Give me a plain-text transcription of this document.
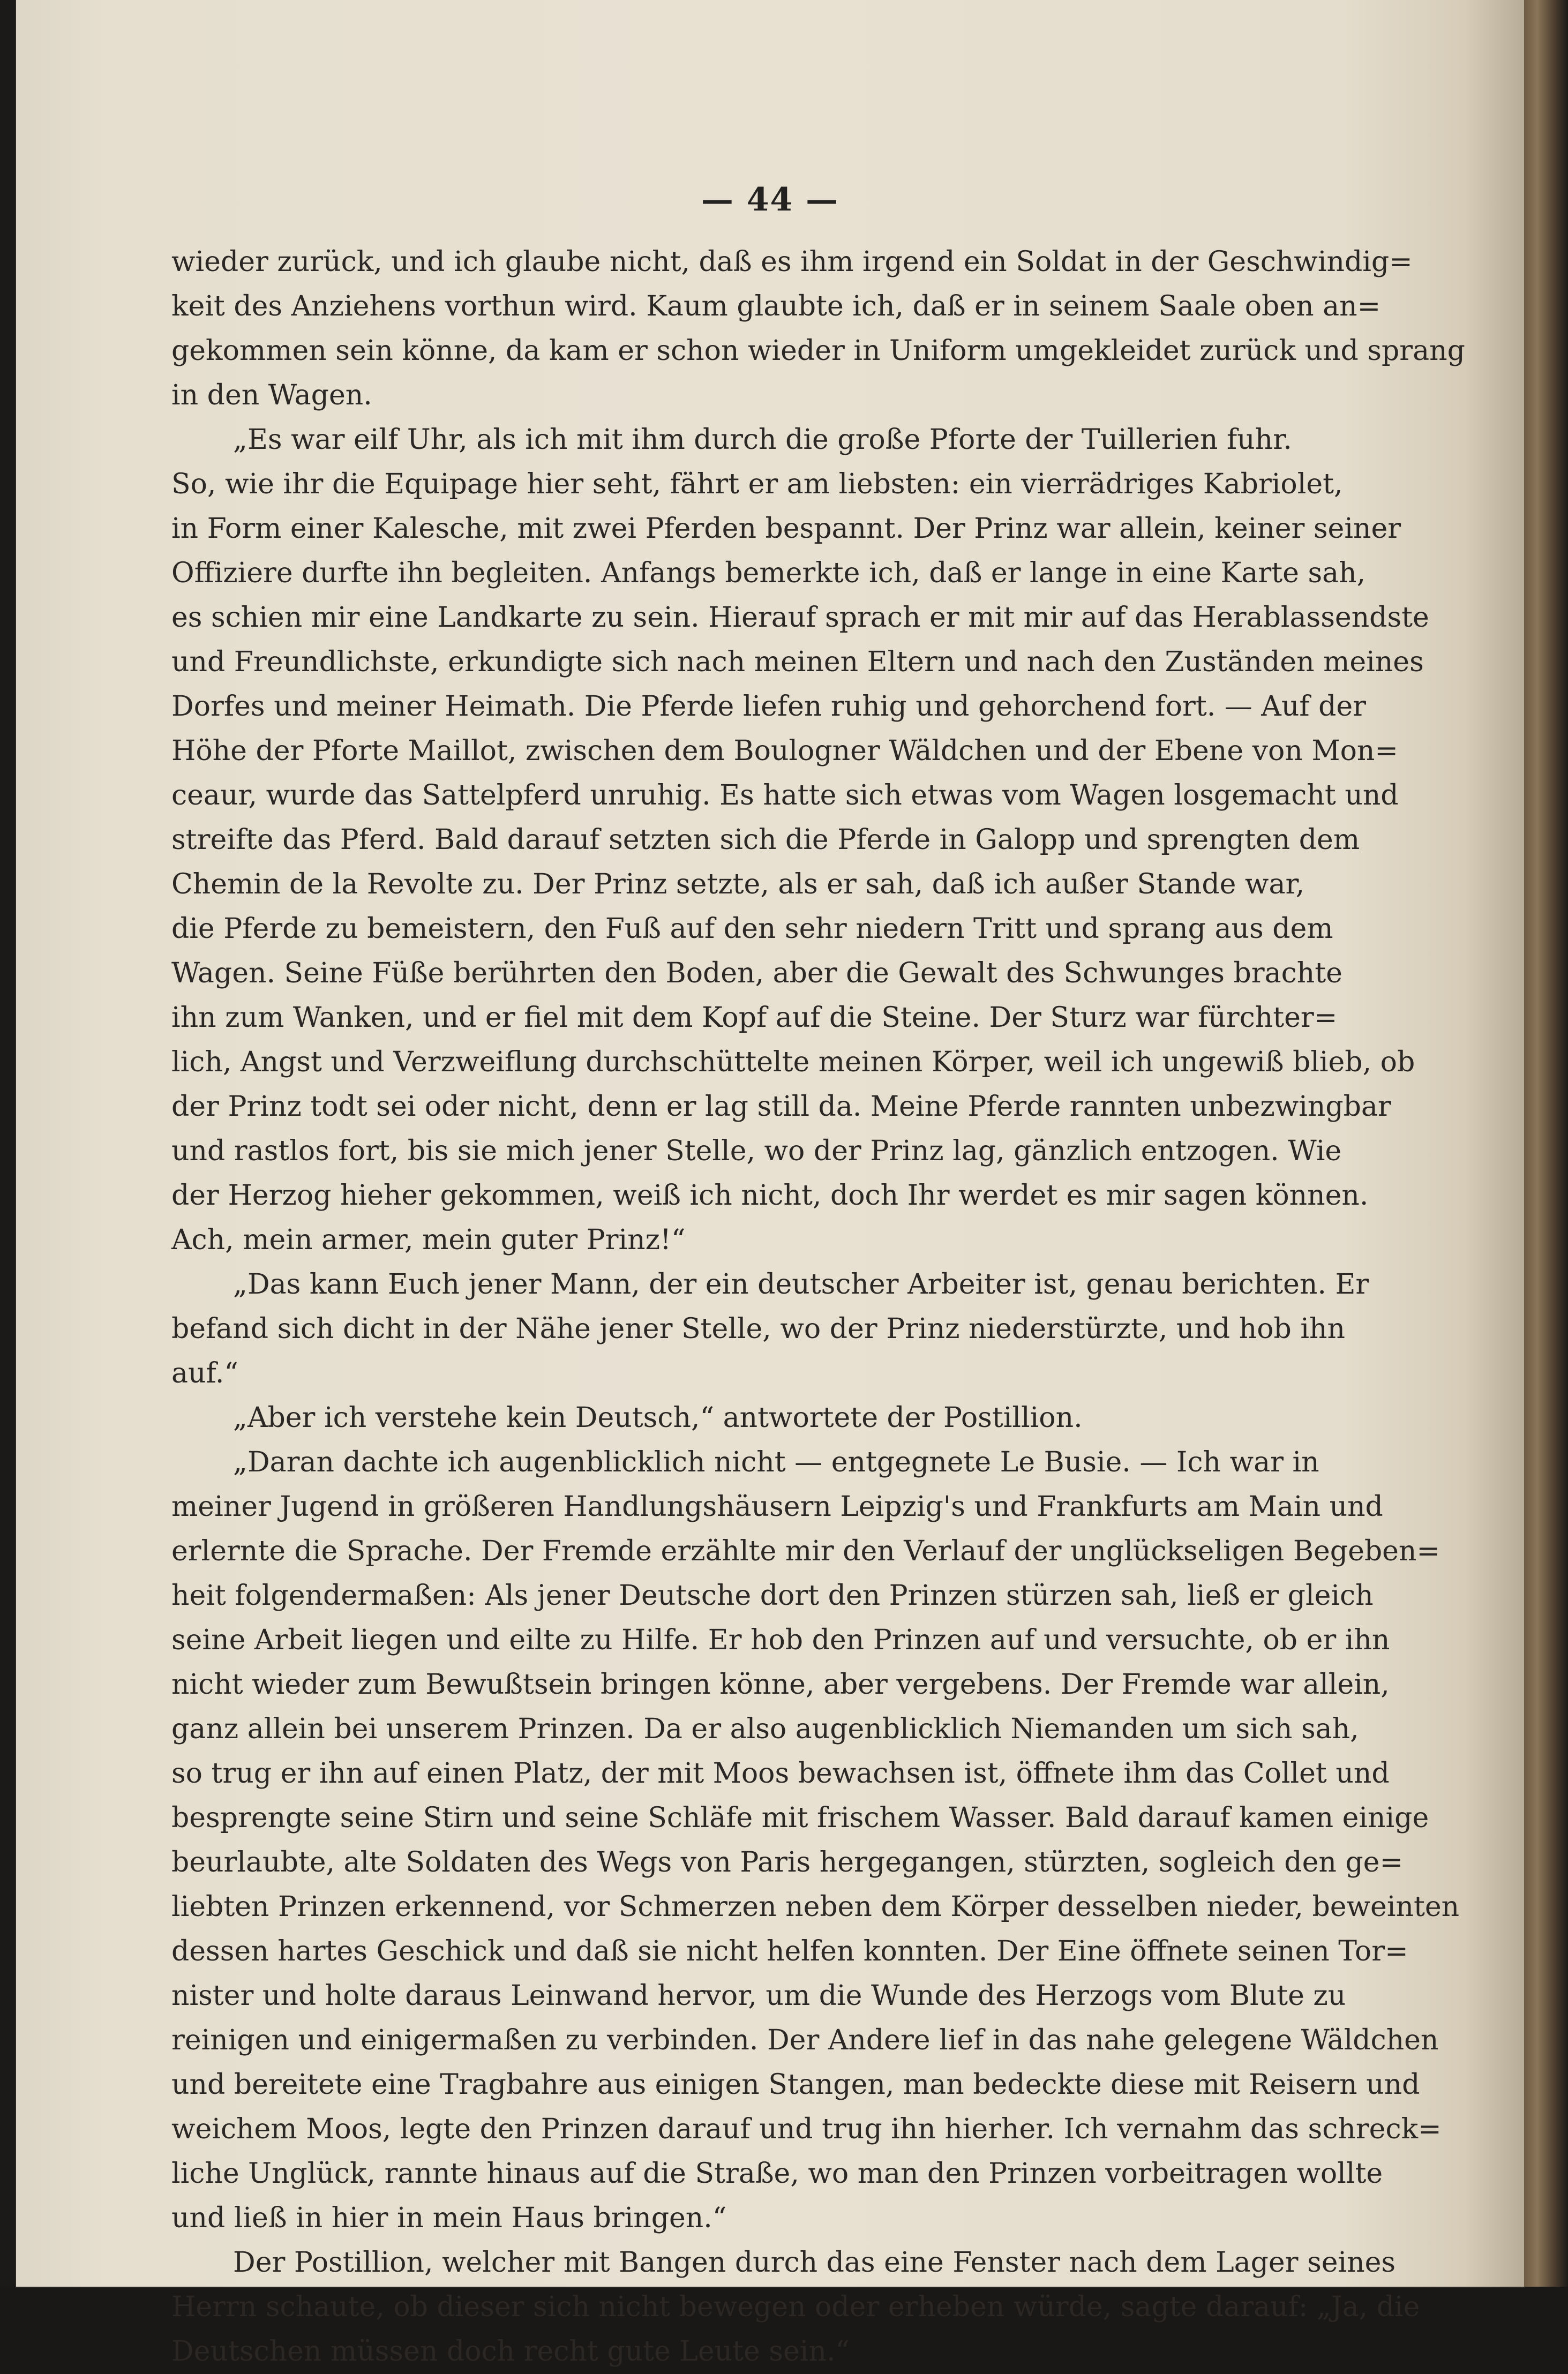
— 44 —
wieder zurück, und ich glaube nicht, daß es ihm irgend ein Soldat in der Geschwindig=
keit des Anziehens vorthun wird. Kaum glaubte ich, daß er in seinem Saale oben an=
gekommen sein könne, da kam er schon wieder in Uniform umgekleidet zurück und sprang
in den Wagen.
„Es war eilf Uhr, als ich mit ihm durch die große Pforte der Tuillerien fuhr.
So, wie ihr die Equipage hier seht, fährt er am liebsten: ein vierrädriges Kabriolet,
in Form einer Kalesche, mit zwei Pferden bespannt. Der Prinz war allein, keiner seiner
Offiziere durfte ihn begleiten. Anfangs bemerkte ich, daß er lange in eine Karte sah,
es schien mir eine Landkarte zu sein. Hierauf sprach er mit mir auf das Herablassendste
und Freundlichste, erkundigte sich nach meinen Eltern und nach den Zuständen meines
Dorfes und meiner Heimath. Die Pferde liefen ruhig und gehorchend fort. — Auf der
Höhe der Pforte Maillot, zwischen dem Boulogner Wäldchen und der Ebene von Mon=
ceaur, wurde das Sattelpferd unruhig. Es hatte sich etwas vom Wagen losgemacht und
streifte das Pferd. Bald darauf setzten sich die Pferde in Galopp und sprengten dem
Chemin de la Revolte zu. Der Prinz setzte, als er sah, daß ich außer Stande war,
die Pferde zu bemeistern, den Fuß auf den sehr niedern Tritt und sprang aus dem
Wagen. Seine Füße berührten den Boden, aber die Gewalt des Schwunges brachte
ihn zum Wanken, und er fiel mit dem Kopf auf die Steine. Der Sturz war fürchter=
lich, Angst und Verzweiflung durchschüttelte meinen Körper, weil ich ungewiß blieb, ob
der Prinz todt sei oder nicht, denn er lag still da. Meine Pferde rannten unbezwingbar
und rastlos fort, bis sie mich jener Stelle, wo der Prinz lag, gänzlich entzogen. Wie
der Herzog hieher gekommen, weiß ich nicht, doch Ihr werdet es mir sagen können.
Ach, mein armer, mein guter Prinz!“
„Das kann Euch jener Mann, der ein deutscher Arbeiter ist, genau berichten. Er
befand sich dicht in der Nähe jener Stelle, wo der Prinz niederstürzte, und hob ihn
auf.“
„Aber ich verstehe kein Deutsch,“ antwortete der Postillion.
„Daran dachte ich augenblicklich nicht — entgegnete Le Busie. — Ich war in
meiner Jugend in größeren Handlungshäusern Leipzig's und Frankfurts am Main und
erlernte die Sprache. Der Fremde erzählte mir den Verlauf der unglückseligen Begeben=
heit folgendermaßen: Als jener Deutsche dort den Prinzen stürzen sah, ließ er gleich
seine Arbeit liegen und eilte zu Hilfe. Er hob den Prinzen auf und versuchte, ob er ihn
nicht wieder zum Bewußtsein bringen könne, aber vergebens. Der Fremde war allein,
ganz allein bei unserem Prinzen. Da er also augenblicklich Niemanden um sich sah,
so trug er ihn auf einen Platz, der mit Moos bewachsen ist, öffnete ihm das Collet und
besprengte seine Stirn und seine Schläfe mit frischem Wasser. Bald darauf kamen einige
beurlaubte, alte Soldaten des Wegs von Paris hergegangen, stürzten, sogleich den ge=
liebten Prinzen erkennend, vor Schmerzen neben dem Körper desselben nieder, beweinten
dessen hartes Geschick und daß sie nicht helfen konnten. Der Eine öffnete seinen Tor=
nister und holte daraus Leinwand hervor, um die Wunde des Herzogs vom Blute zu
reinigen und einigermaßen zu verbinden. Der Andere lief in das nahe gelegene Wäldchen
und bereitete eine Tragbahre aus einigen Stangen, man bedeckte diese mit Reisern und
weichem Moos, legte den Prinzen darauf und trug ihn hierher. Ich vernahm das schreck=
liche Unglück, rannte hinaus auf die Straße, wo man den Prinzen vorbeitragen wollte
und ließ in hier in mein Haus bringen.“
Der Postillion, welcher mit Bangen durch das eine Fenster nach dem Lager seines
Herrn schaute, ob dieser sich nicht bewegen oder erheben würde, sagte darauf: „Ja, die
Deutschen müssen doch recht gute Leute sein.“
